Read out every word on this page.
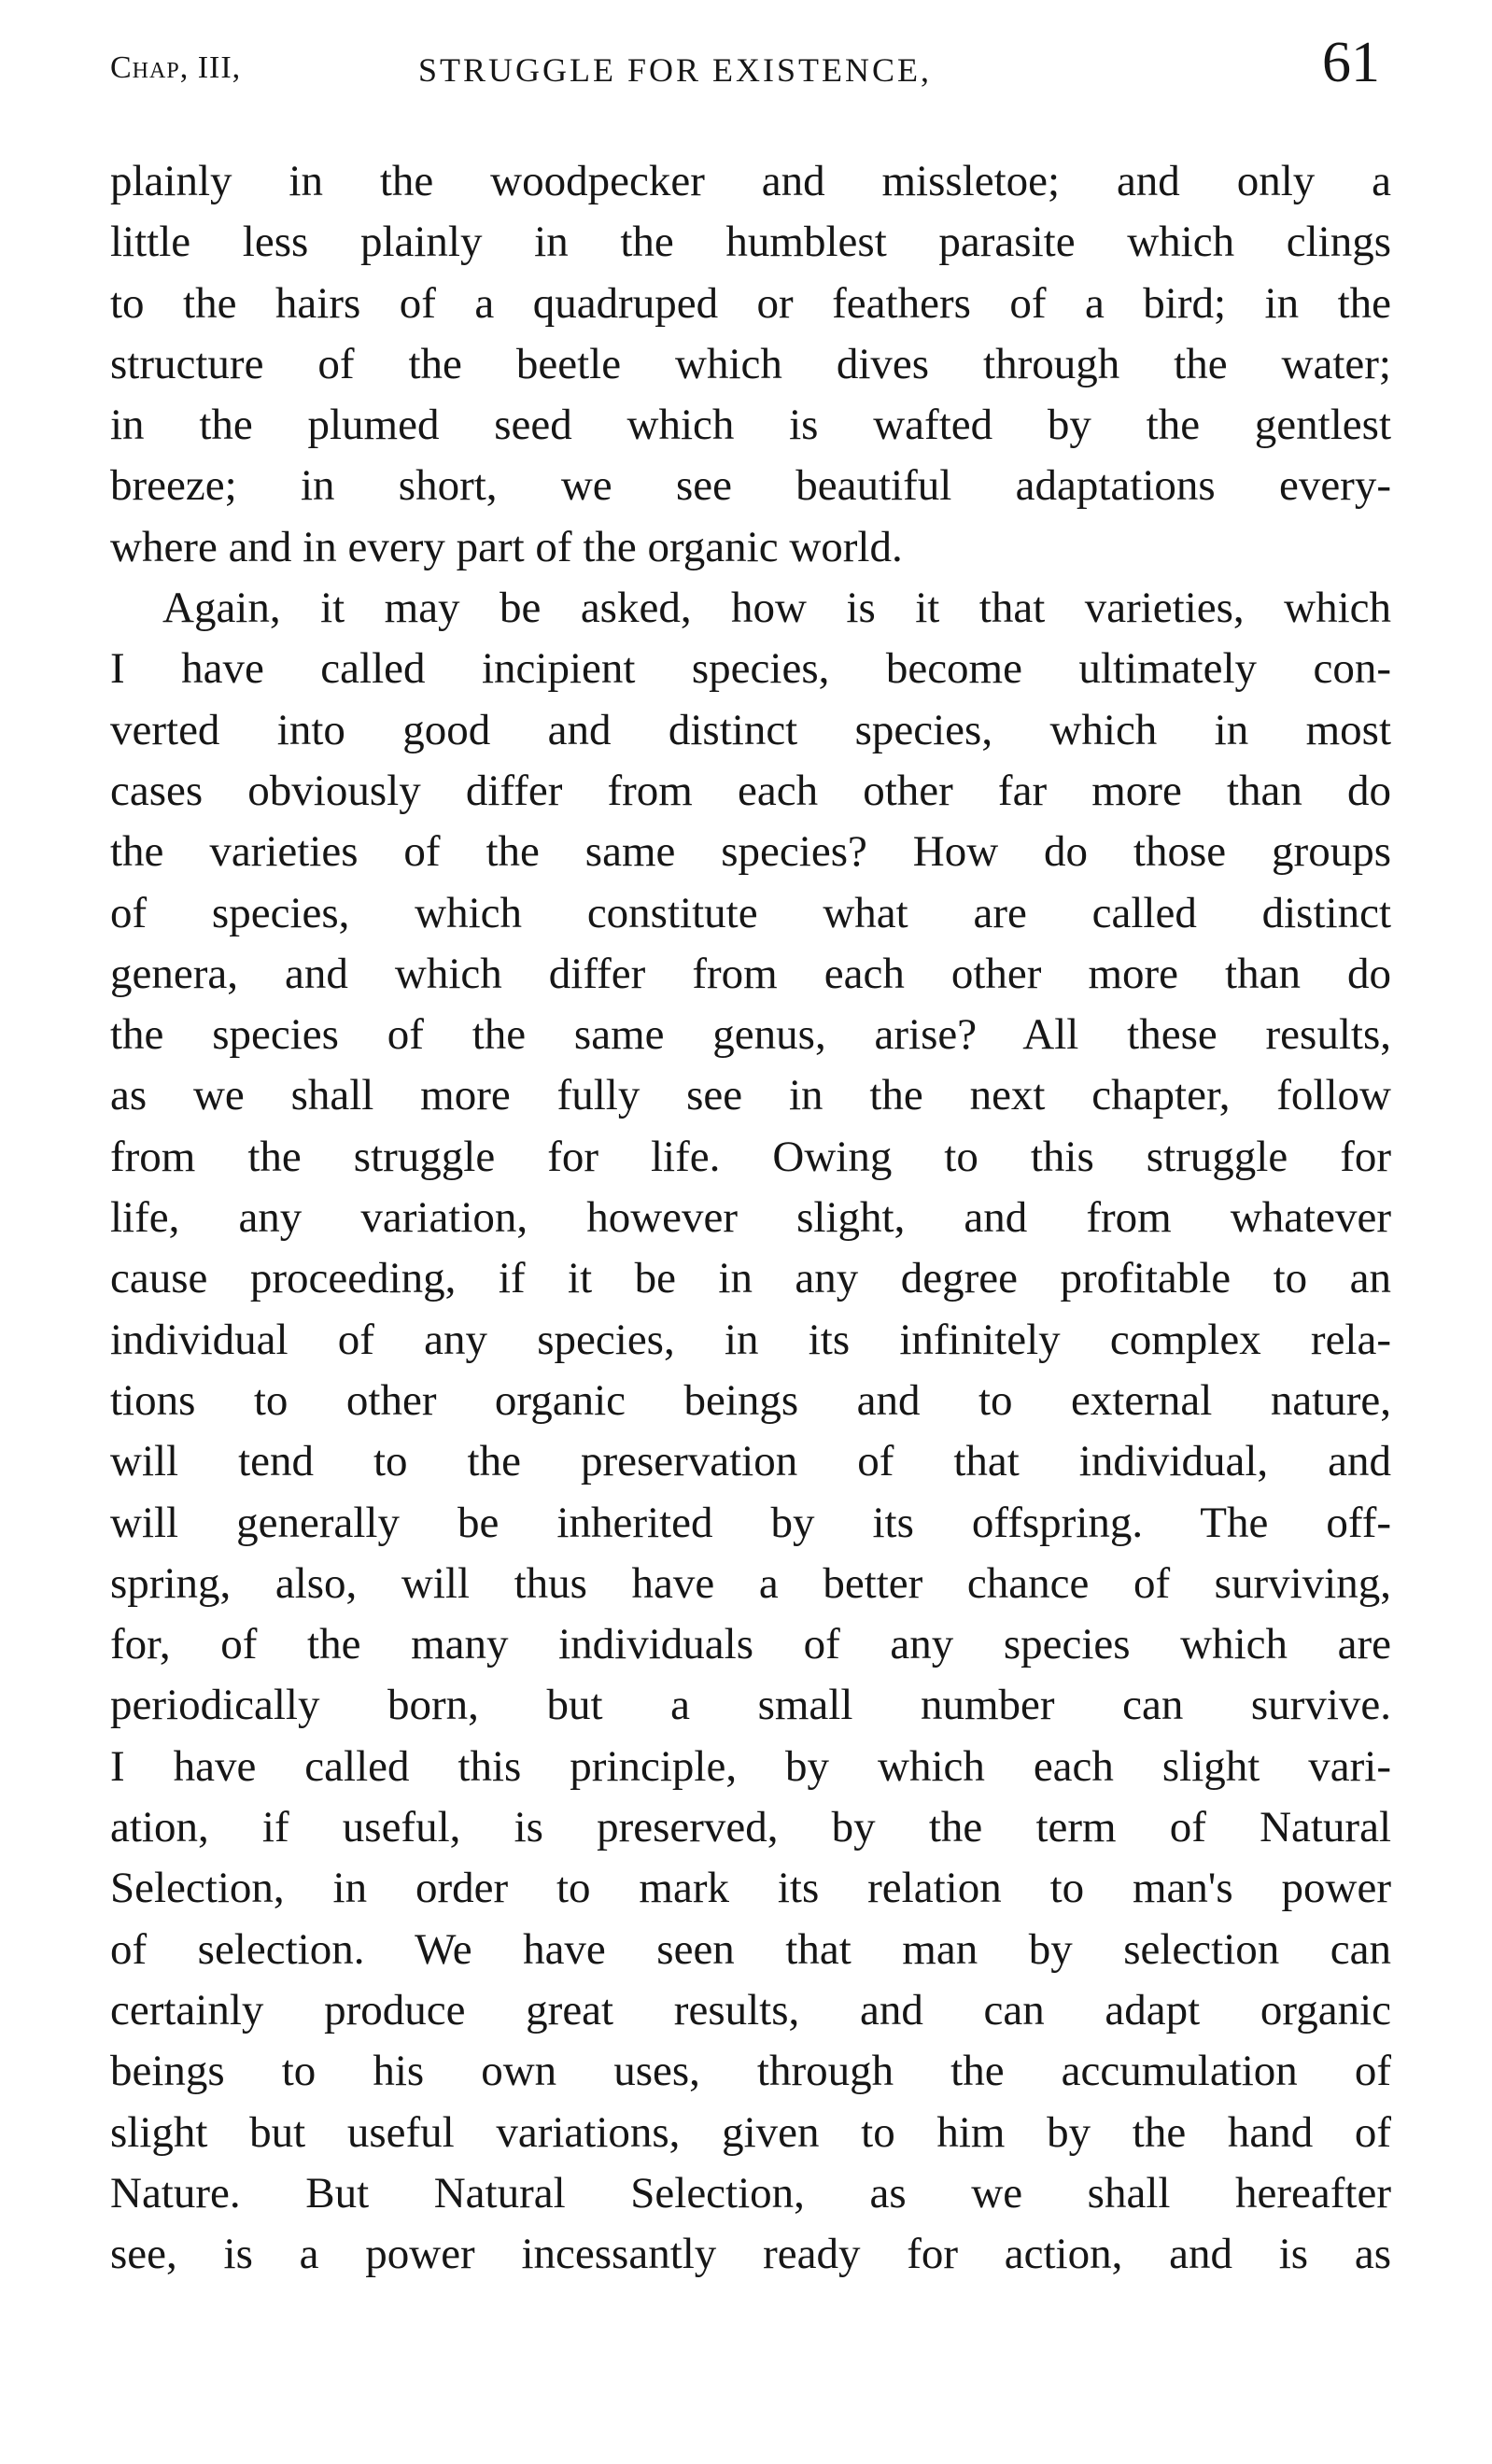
Chap, III,	STRUGGLE FOR EXISTENCE,	61
plainly in the woodpecker and missletoe; and only a
little less plainly in the humblest parasite which clings
to the hairs of a quadruped or feathers of a bird; in the
structure of the beetle which dives through the water;
in the plumed seed which is wafted by the gentlest
breeze; in short, we see beautiful adaptations every-
where and in every part of the organic world.
Again, it may be asked, how is it that varieties, which
I have called incipient species, become ultimately con-
verted into good and distinct species, which in most
cases obviously differ from each other far more than do
the varieties of the same species? How do those groups
of species, which constitute what are called distinct
genera, and which differ from each other more than do
the species of the same genus, arise? All these results,
as we shall more fully see in the next chapter, follow
from the struggle for life. Owing to this struggle for
life, any variation, however slight, and from whatever
cause proceeding, if it be in any degree profitable to an
individual of any species, in its infinitely complex rela-
tions to other organic beings and to external nature,
will tend to the preservation of that individual, and
will generally be inherited by its offspring. The off-
spring, also, will thus have a better chance of surviving,
for, of the many individuals of any species which are
periodically born, but a small number can survive.
I have called this principle, by which each slight vari-
ation, if useful, is preserved, by the term of Natural
Selection, in order to mark its relation to man's power
of selection. We have seen that man by selection can
certainly produce great results, and can adapt organic
beings to his own uses, through the accumulation of
slight but useful variations, given to him by the hand of
Nature. But Natural Selection, as we shall hereafter
see, is a power incessantly ready for action, and is as
